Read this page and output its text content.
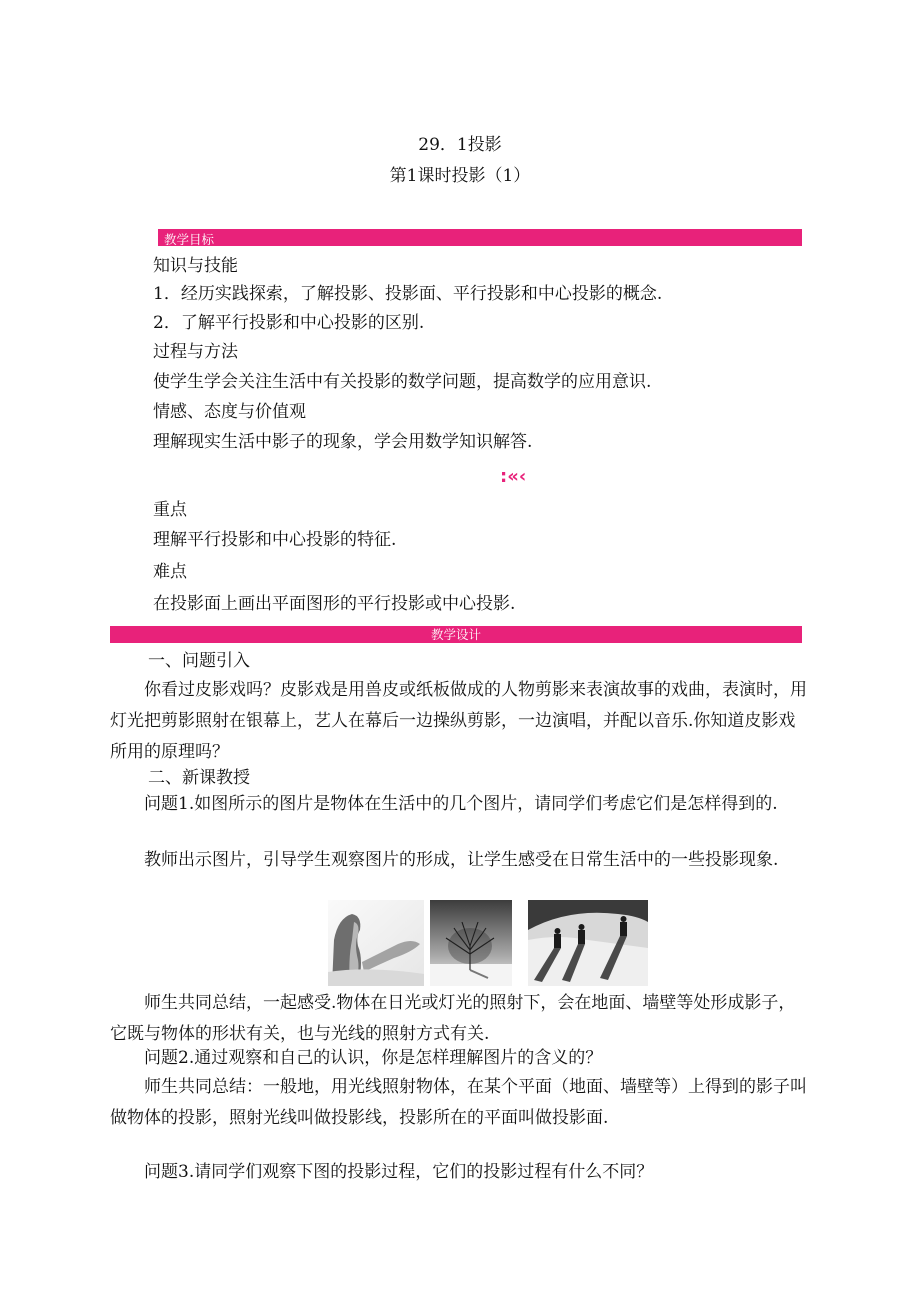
29．1投影
第1课时投影（1）
教学目标
知识与技能
1．经历实践探索，了解投影、投影面、平行投影和中心投影的概念.
2．了解平行投影和中心投影的区别.
过程与方法
使学生学会关注生活中有关投影的数学问题，提高数学的应用意识.
情感、态度与价值观
理解现实生活中影子的现象，学会用数学知识解答.
:«‹
重点
理解平行投影和中心投影的特征.
难点
在投影面上画出平面图形的平行投影或中心投影.
教学设计
一、问题引入
你看过皮影戏吗？皮影戏是用兽皮或纸板做成的人物剪影来表演故事的戏曲，表演时，用灯光把剪影照射在银幕上，艺人在幕后一边操纵剪影，一边演唱，并配以音乐.你知道皮影戏所用的原理吗？
二、新课教授
问题1.如图所示的图片是物体在生活中的几个图片，请同学们考虑它们是怎样得到的.
教师出示图片，引导学生观察图片的形成，让学生感受在日常生活中的一些投影现象.
师生共同总结，一起感受.物体在日光或灯光的照射下，会在地面、墙壁等处形成影子，它既与物体的形状有关，也与光线的照射方式有关.
问题2.通过观察和自己的认识，你是怎样理解图片的含义的？
师生共同总结：一般地，用光线照射物体，在某个平面（地面、墙壁等）上得到的影子叫做物体的投影，照射光线叫做投影线，投影所在的平面叫做投影面.
问题3.请同学们观察下图的投影过程，它们的投影过程有什么不同？
